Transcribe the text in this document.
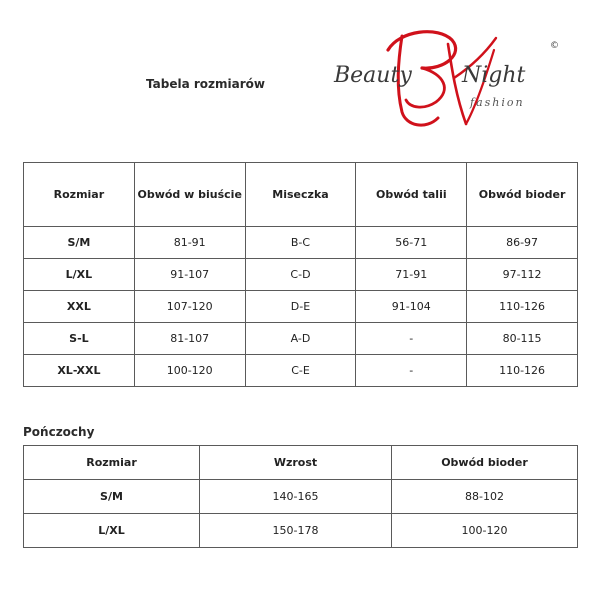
Tabela rozmiarów	Beauty Night
fashion
©
Rozmiar	Obwód w biuście	Miseczka	Obwód talii	Obwód bioder
S/M	81-91	B-C	56-71	86-97
L/XL	91-107	C-D	71-91	97-112
XXL	107-120	D-E	91-104	110-126
S-L	81-107	A-D	-	80-115
XL-XXL	100-120	C-E	-	110-126
Pończochy
Rozmiar	Wzrost	Obwód bioder
S/M	140-165	88-102
L/XL	150-178	100-120
